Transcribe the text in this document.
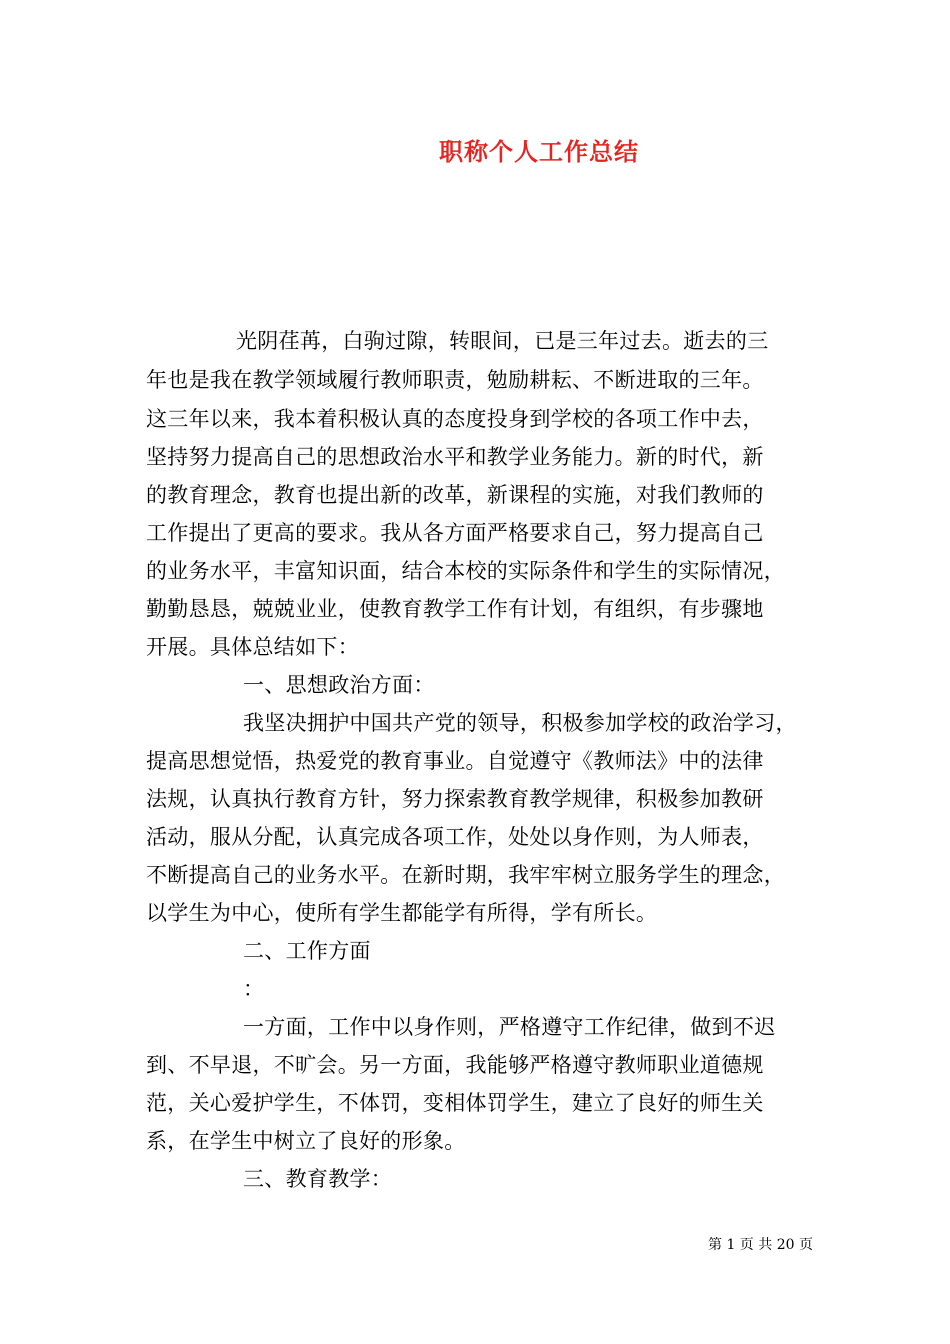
职称个人工作总结
光阴荏苒，白驹过隙，转眼间，已是三年过去。逝去的三
年也是我在教学领域履行教师职责，勉励耕耘、不断进取的三年。
这三年以来，我本着积极认真的态度投身到学校的各项工作中去，
坚持努力提高自己的思想政治水平和教学业务能力。新的时代，新
的教育理念，教育也提出新的改革，新课程的实施，对我们教师的
工作提出了更高的要求。我从各方面严格要求自己，努力提高自己
的业务水平，丰富知识面，结合本校的实际条件和学生的实际情况，
勤勤恳恳，兢兢业业，使教育教学工作有计划，有组织，有步骤地
开展。具体总结如下：
一、思想政治方面：
我坚决拥护中国共产党的领导，积极参加学校的政治学习，
提高思想觉悟，热爱党的教育事业。自觉遵守《教师法》中的法律
法规，认真执行教育方针，努力探索教育教学规律，积极参加教研
活动，服从分配，认真完成各项工作，处处以身作则，为人师表，
不断提高自己的业务水平。在新时期，我牢牢树立服务学生的理念，
以学生为中心，使所有学生都能学有所得，学有所长。
二、工作方面
：
一方面，工作中以身作则，严格遵守工作纪律，做到不迟
到、不早退，不旷会。另一方面，我能够严格遵守教师职业道德规
范，关心爱护学生，不体罚，变相体罚学生，建立了良好的师生关
系，在学生中树立了良好的形象。
三、教育教学：
第 1 页 共 20 页
